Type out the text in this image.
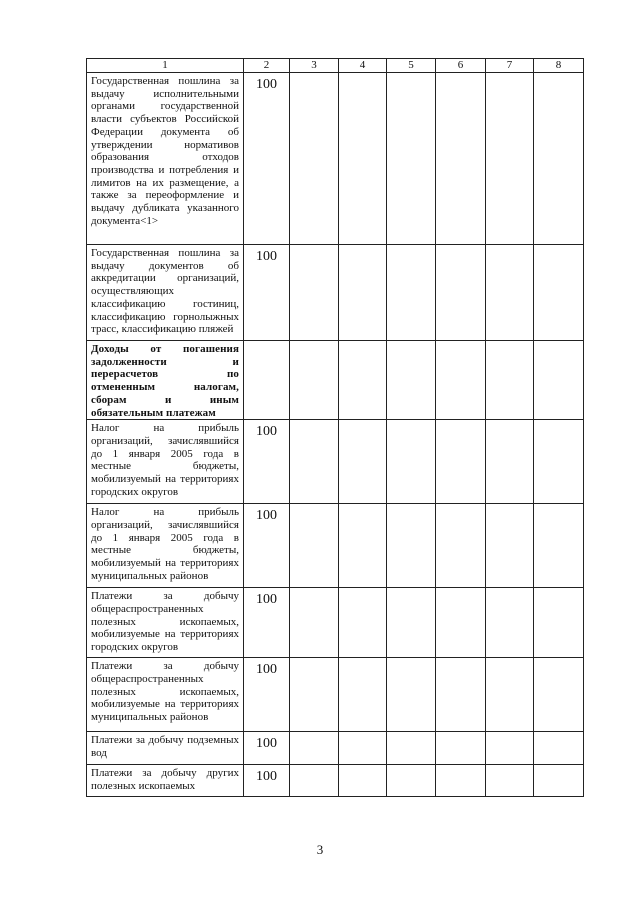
1	2	3	4	5	6	7	8

Государственная пошлина за выдачу исполнительными органами государственной власти субъектов Российской Федерации документа об утверждении нормативов образования отходов производства и потребления и лимитов на их размещение, а также за переоформление и выдачу дубликата указанного документа<1>	100						

Государственная пошлина за выдачу документов об аккредитации организаций, осуществляющих классификацию гостиниц, классификацию горнолыжных трасс, классификацию пляжей	100						

Доходы от погашения задолженности и перерасчетов по отмененным налогам, сборам и иным обязательным платежам							

Налог на прибыль организаций, зачислявшийся до 1 января 2005 года в местные бюджеты, мобилизуемый на территориях городских округов	100						

Налог на прибыль организаций, зачислявшийся до 1 января 2005 года в местные бюджеты, мобилизуемый на территориях муниципальных районов	100						

Платежи за добычу общераспространенных полезных ископаемых, мобилизуемые на территориях городских округов	100						

Платежи за добычу общераспространенных полезных ископаемых, мобилизуемые на территориях муниципальных районов	100						

Платежи за добычу подземных вод	100						

Платежи за добычу других полезных ископаемых	100						
3
